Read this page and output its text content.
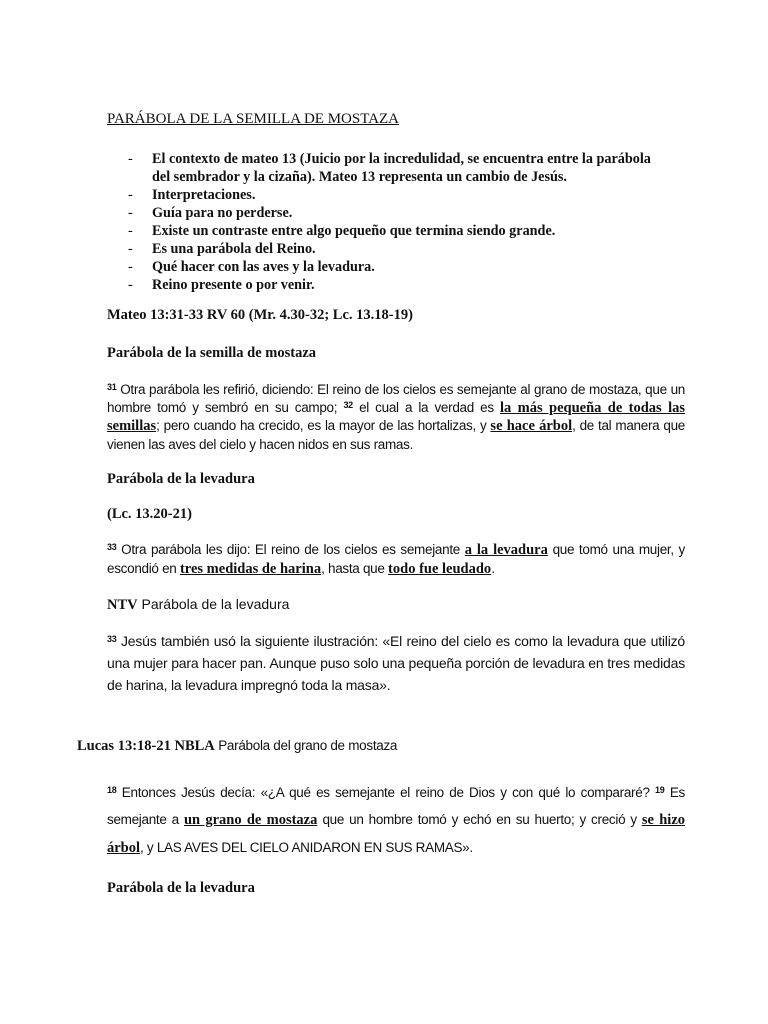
PARÁBOLA DE LA SEMILLA DE MOSTAZA
-	El contexto de mateo 13 (Juicio por la incredulidad, se encuentra entre la parábola del sembrador y la cizaña). Mateo 13 representa un cambio de Jesús.
-	Interpretaciones.
-	Guía para no perderse.
-	Existe un contraste entre algo pequeño que termina siendo grande.
-	Es una parábola del Reino.
-	Qué hacer con las aves y la levadura.
-	Reino presente o por venir.
Mateo 13:31-33 RV 60 (Mr. 4.30-32; Lc. 13.18-19)
Parábola de la semilla de mostaza

$^{31}$ Otra parábola les refirió, diciendo: El reino de los cielos es semejante al grano de mostaza, que un hombre tomó y sembró en su campo; $^{32}$ el cual a la verdad es la más pequeña de todas las semillas; pero cuando ha crecido, es la mayor de las hortalizas, y se hace árbol, de tal manera que vienen las aves del cielo y hacen nidos en sus ramas.

Parábola de la levadura
(Lc. 13.20-21)

$^{33}$ Otra parábola les dijo: El reino de los cielos es semejante a la levadura que tomó una mujer, y escondió en tres medidas de harina, hasta que todo fue leudado.

NTV Parábola de la levadura

$^{33}$ Jesús también usó la siguiente ilustración: «El reino del cielo es como la levadura que utilizó una mujer para hacer pan. Aunque puso solo una pequeña porción de levadura en tres medidas de harina, la levadura impregnó toda la masa».

Lucas 13:18-21 NBLA Parábola del grano de mostaza

$^{18}$ Entonces Jesús decía: «¿A qué es semejante el reino de Dios y con qué lo compararé? $^{19}$ Es semejante a un grano de mostaza que un hombre tomó y echó en su huerto; y creció y se hizo árbol, y LAS AVES DEL CIELO ANIDARON EN SUS RAMAS».

Parábola de la levadura
